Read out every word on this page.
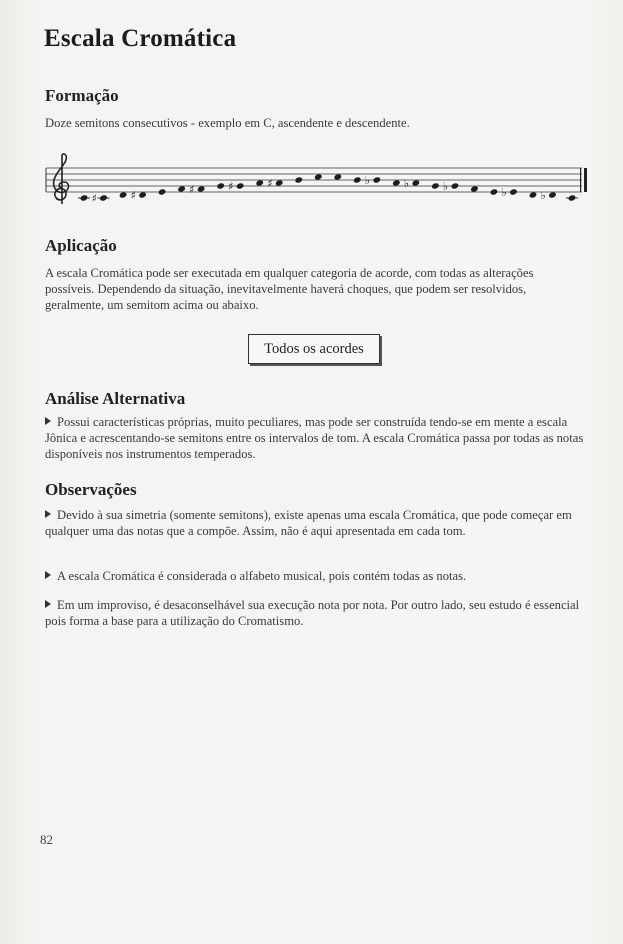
Escala Cromática
Formação

Doze semitons consecutivos - exemplo em C, ascendente e descendente.

♯	♯	♯	♯	♯	♭	♭	♭	♭	♭
Aplicação

A escala Cromática pode ser executada em qualquer categoria de acorde, com todas as alterações possíveis. Dependendo da situação, inevitavelmente haverá choques, que podem ser resolvidos, geralmente, um semitom acima ou abaixo.

Todos os acordes
Análise Alternativa

Possui características próprias, muito peculiares, mas pode ser construída tendo-se em mente a escala Jônica e acrescentando-se semitons entre os intervalos de tom. A escala Cromática passa por todas as notas disponíveis nos instrumentos temperados.

Observações

Devido à sua simetria (somente semitons), existe apenas uma escala Cromática, que pode começar em qualquer uma das notas que a compõe. Assim, não é aqui apresentada em cada tom.

A escala Cromática é considerada o alfabeto musical, pois contém todas as notas.

Em um improviso, é desaconselhável sua execução nota por nota. Por outro lado, seu estudo é essencial pois forma a base para a utilização do Cromatismo.

82
